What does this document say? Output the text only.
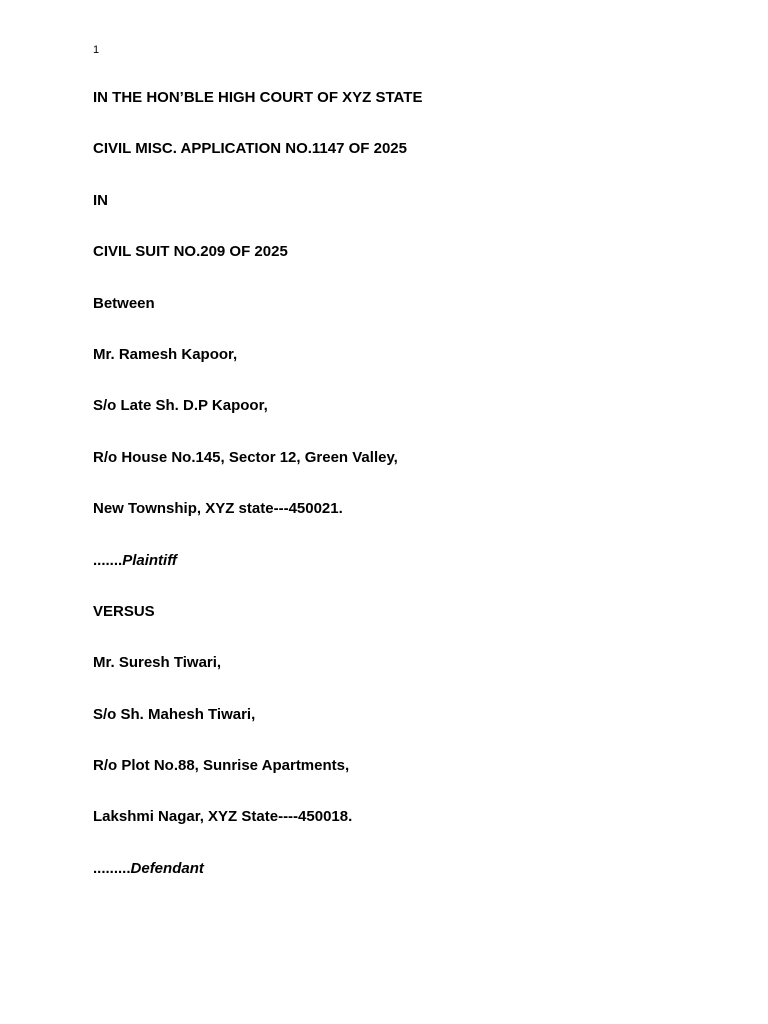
1
IN THE HON’BLE HIGH COURT OF XYZ STATE
CIVIL MISC. APPLICATION NO.1147 OF 2025
IN
CIVIL SUIT NO.209 OF 2025
Between
Mr. Ramesh Kapoor,
S/o Late Sh. D.P Kapoor,
R/o House No.145, Sector 12, Green Valley,
New Township, XYZ state---450021.
.......Plaintiff
VERSUS
Mr. Suresh Tiwari,
S/o Sh. Mahesh Tiwari,
R/o Plot No.88, Sunrise Apartments,
Lakshmi Nagar, XYZ State----450018.
.........Defendant
